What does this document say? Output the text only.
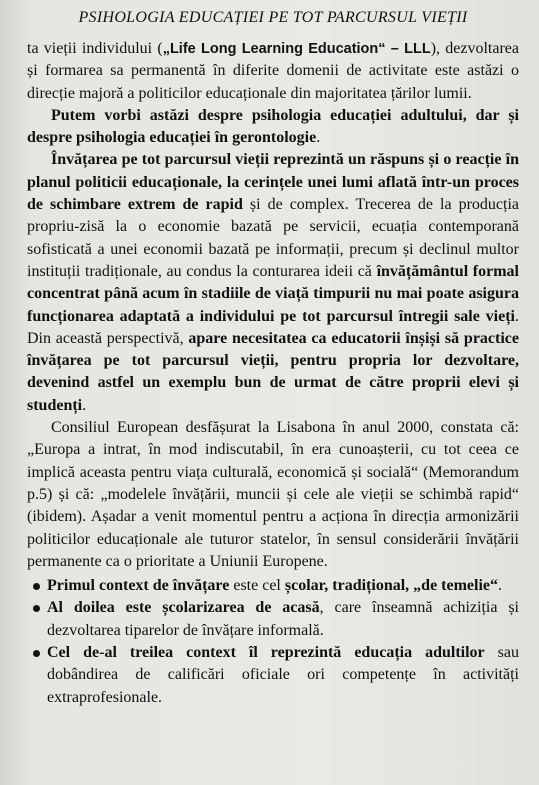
PSIHOLOGIA EDUCAȚIEI PE TOT PARCURSUL VIEȚII

ta vieții individului („Life Long Learning Education“ – LLL), dezvoltarea și formarea sa permanentă în diferite domenii de activitate este astăzi o direcție majoră a politicilor educaționale din majoritatea țărilor lumii.

Putem vorbi astăzi despre psihologia educației adultului, dar și despre psihologia educației în gerontologie.

Învățarea pe tot parcursul vieții reprezintă un răspuns și o reacție în planul politicii educaționale, la cerințele unei lumi aflată într-un proces de schimbare extrem de rapid și de complex. Trecerea de la producția propriu-zisă la o economie bazată pe servicii, ecuația contemporană sofisticată a unei economii bazată pe informații, precum și declinul multor instituții tradiționale, au condus la conturarea ideii că învățământul formal concentrat până acum în stadiile de viață timpurii nu mai poate asigura funcționarea adaptată a individului pe tot parcursul întregii sale vieți. Din această perspectivă, apare necesitatea ca educatorii înșiși să practice învățarea pe tot parcursul vieții, pentru propria lor dezvoltare, devenind astfel un exemplu bun de urmat de către proprii elevi și studenți.

Consiliul European desfășurat la Lisabona în anul 2000, constata că: „Europa a intrat, în mod indiscutabil, în era cunoașterii, cu tot ceea ce implică aceasta pentru viața culturală, economică și socială“ (Memorandum p.5) și că: „modelele învățării, muncii și cele ale vieții se schimbă rapid“ (ibidem). Așadar a venit momentul pentru a acționa în direcția armonizării politicilor educaționale ale tuturor statelor, în sensul considerării învățării permanente ca o prioritate a Uniunii Europene.

Primul context de învățare este cel școlar, tradițional, „de temelie“.
Al doilea este școlarizarea de acasă, care înseamnă achiziția și dezvoltarea tiparelor de învățare informală.
Cel de-al treilea context îl reprezintă educația adultilor sau dobândirea de calificări oficiale ori competențe în activități extraprofesionale.
